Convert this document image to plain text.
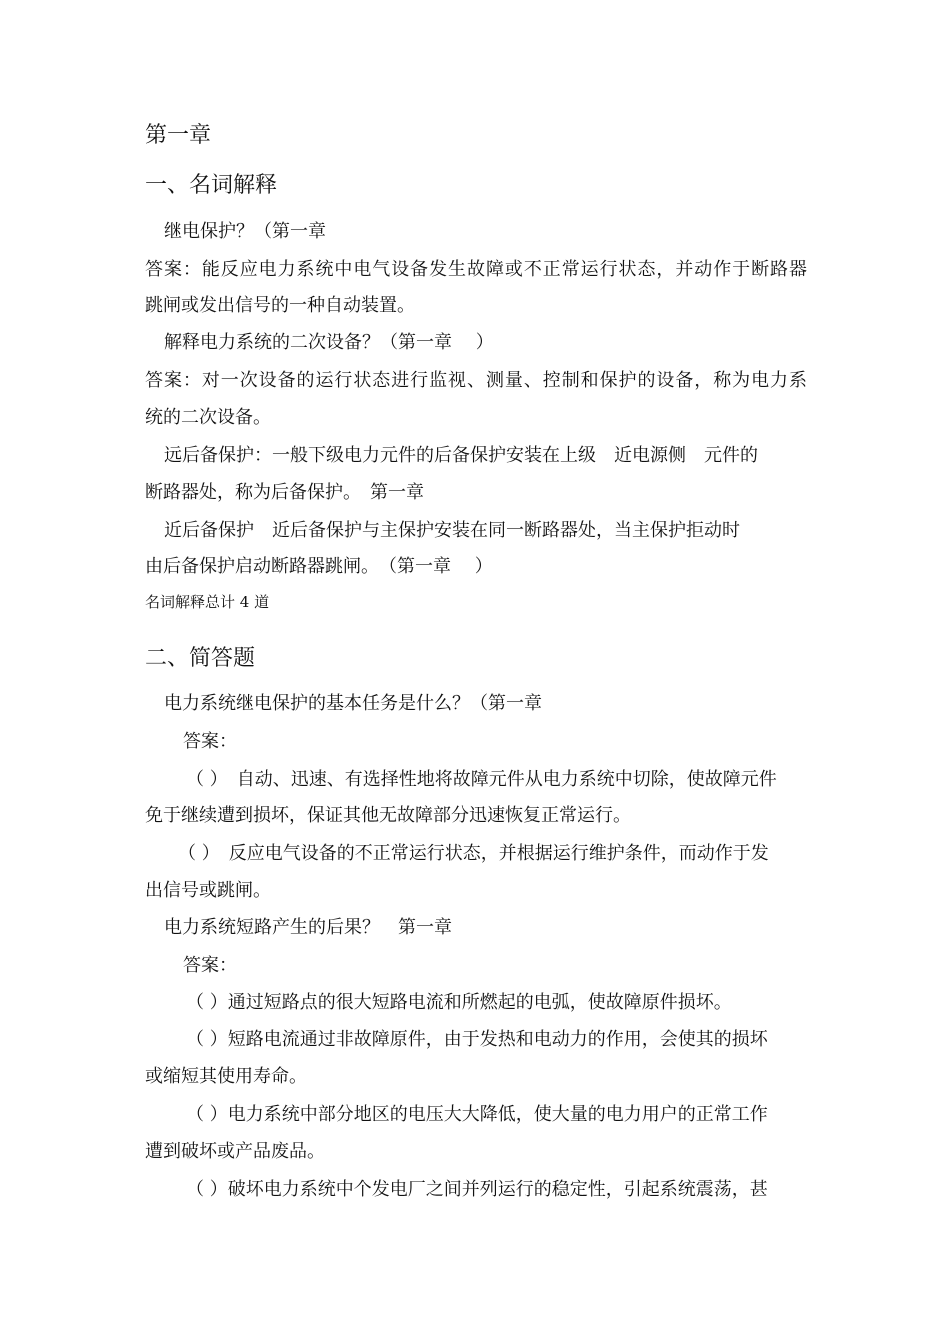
第一章
一、名词解释
继电保护？（第一章
答案：能反应电力系统中电气设备发生故障或不正常运行状态，并动作于断路器
跳闸或发出信号的一种自动装置。
解释电力系统的二次设备？（第一章　 ）
答案：对一次设备的运行状态进行监视、测量、控制和保护的设备，称为电力系
统的二次设备。
远后备保护：一般下级电力元件的后备保护安装在上级　近电源侧　元件的
断路器处，称为后备保护。　第一章
近后备保护　近后备保护与主保护安装在同一断路器处，当主保护拒动时
由后备保护启动断路器跳闸。　（第一章　 ）
名词解释总计 4 道
二、简答题
电力系统继电保护的基本任务是什么？（第一章
答案：
（ ）　自动、迅速、有选择性地将故障元件从电力系统中切除，使故障元件
免于继续遭到损坏，保证其他无故障部分迅速恢复正常运行。
（ ）　反应电气设备的不正常运行状态，并根据运行维护条件，而动作于发
出信号或跳闸。
电力系统短路产生的后果？　第一章
答案：
（ ）通过短路点的很大短路电流和所燃起的电弧，使故障原件损坏。
（ ）短路电流通过非故障原件，由于发热和电动力的作用，会使其的损坏
或缩短其使用寿命。
（ ）电力系统中部分地区的电压大大降低，使大量的电力用户的正常工作
遭到破坏或产品废品。
（ ）破坏电力系统中个发电厂之间并列运行的稳定性，引起系统震荡，甚
